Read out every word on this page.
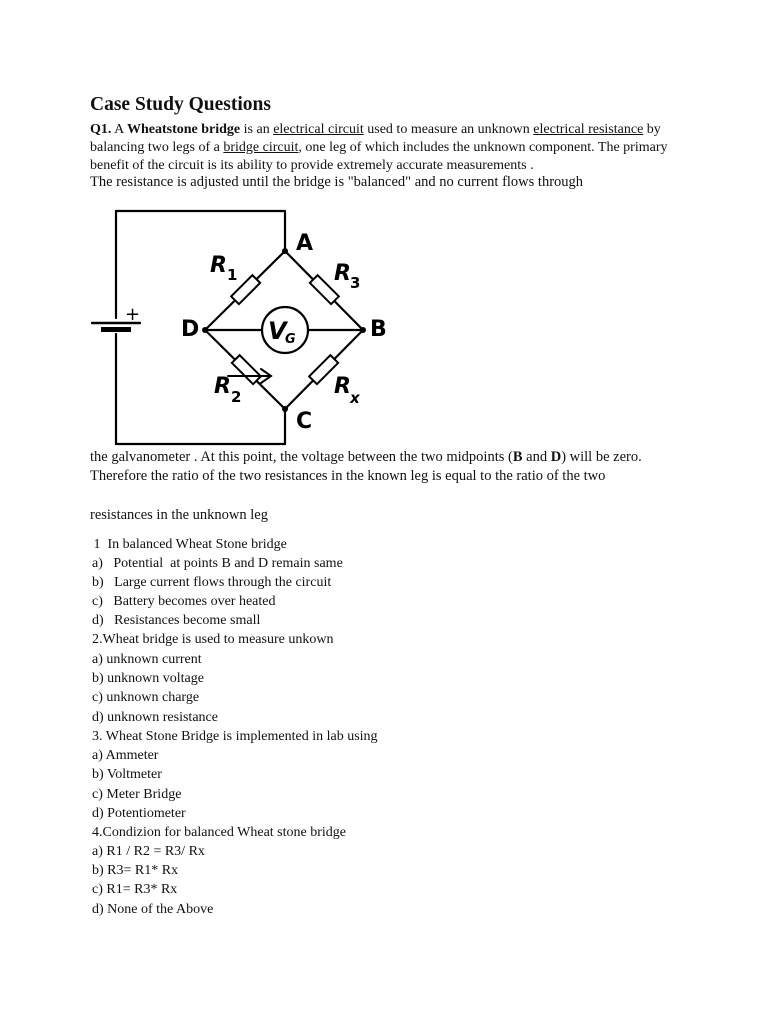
Case Study Questions
Q1. A Wheatstone bridge is an electrical circuit used to measure an unknown electrical resistance by balancing two legs of a bridge circuit, one leg of which includes the unknown component. The primary benefit of the circuit is its ability to provide extremely accurate measurements .
The resistance is adjusted until the bridge is "balanced" and no current flows through
A
B
C
D
R 1	R 3
R 2	R x
V
G
+
the galvanometer . At this point, the voltage between the two midpoints (B and D) will be zero.
Therefore the ratio of the two resistances in the known leg is equal to the ratio of the two
resistances in the unknown leg
1  In balanced Wheat Stone bridge
a)   Potential  at points B and D remain same
b)   Large current flows through the circuit
c)   Battery becomes over heated
d)   Resistances become small
2.Wheat bridge is used to measure unkown
a) unknown current
b) unknown voltage
c) unknown charge
d) unknown resistance
3. Wheat Stone Bridge is implemented in lab using
a) Ammeter
b) Voltmeter
c) Meter Bridge
d) Potentiometer
4.Condizion for balanced Wheat stone bridge
a) R1 / R2 = R3/ Rx
b) R3= R1* Rx
c) R1= R3* Rx
d) None of the Above
